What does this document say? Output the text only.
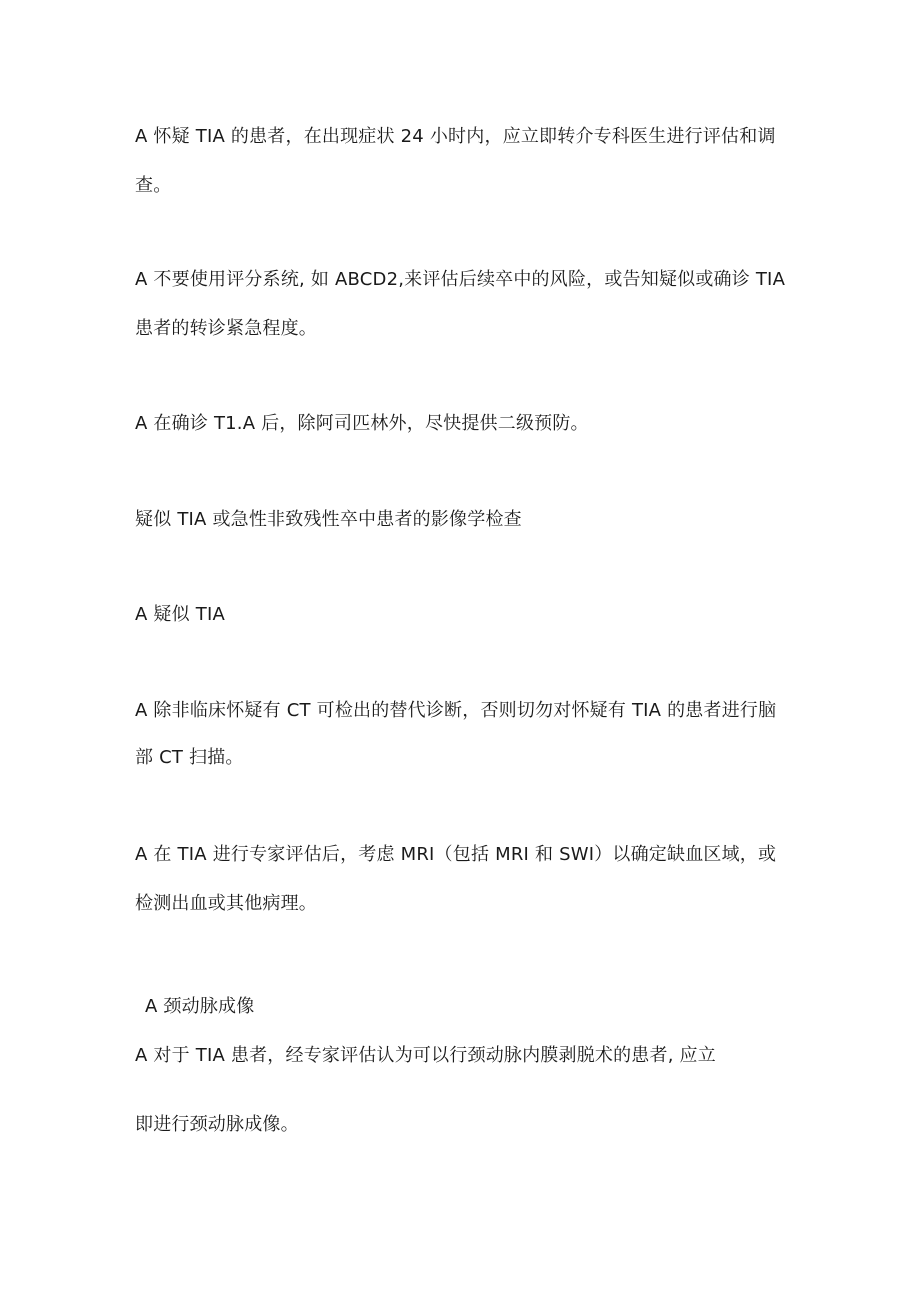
A 怀疑 TIA 的患者，在出现症状 24 小时内，应立即转介专科医生进行评估和调
查。
A 不要使用评分系统, 如 ABCD2,来评估后续卒中的风险，或告知疑似或确诊 TIA
患者的转诊紧急程度。
A 在确诊 T1.A 后，除阿司匹林外，尽快提供二级预防。
疑似 TIA 或急性非致残性卒中患者的影像学检查
A 疑似 TIA
A 除非临床怀疑有 CT 可检出的替代诊断，否则切勿对怀疑有 TIA 的患者进行脑
部 CT 扫描。
A 在 TIA 进行专家评估后，考虑 MRI（包括 MRI 和 SWI）以确定缺血区域，或
检测出血或其他病理。
A 颈动脉成像
A 对于 TIA 患者，经专家评估认为可以行颈动脉内膜剥脱术的患者, 应立
即进行颈动脉成像。
